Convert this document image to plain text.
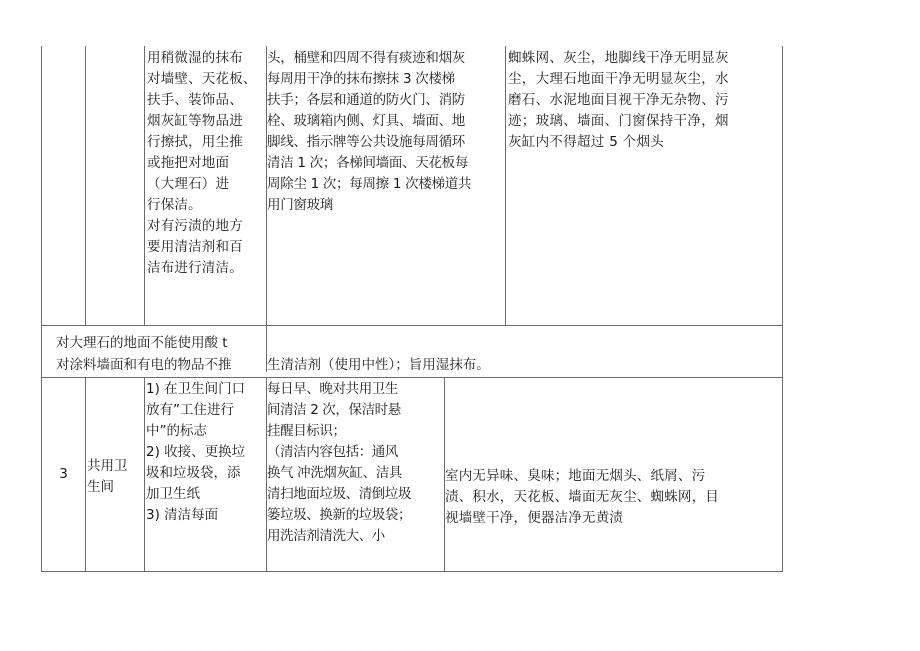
用稍微湿的抹布
对墙壁、天花板、
扶手、装饰品、
烟灰缸等物品进
行擦拭，用尘推
或拖把对地面
（大理石）进
行保洁。
对有污渍的地方
要用清洁剂和百
洁布进行清洁。
头，桶壁和四周不得有痰迹和烟灰
每周用干净的抹布擦抹 3 次楼梯
扶手；各层和通道的防火门、消防
栓、玻璃箱内侧、灯具、墙面、地
脚线、指示牌等公共设施每周循环
清洁 1 次；各梯间墙面、天花板每
周除尘 1 次；每周擦 1 次楼梯道共
用门窗玻璃
蜘蛛网、灰尘，地脚线干净无明显灰
尘，大理石地面干净无明显灰尘，水
磨石、水泥地面目视干净无杂物、污
迹；玻璃、墙面、门窗保持干净，烟
灰缸内不得超过 5 个烟头
对大理石的地面不能使用酸 t
对涂料墙面和有电的物品不推	生清洁剂（使用中性）；旨用湿抹布。
3	共用卫
生间
1) 在卫生间门口
放有”工住进行
中”的标志
2) 收接、更换垃
圾和垃圾袋，添
加卫生纸
3) 清洁每面
每日早、晚对共用卫生
间清洁 2 次，保洁时悬
挂醒目标识；
（清洁内容包括：通风
换气 冲洗烟灰缸、洁具
清扫地面垃圾、清倒垃圾
篓垃圾、换新的垃圾袋；
用洗洁剂清洗大、小
室内无异味、臭味；地面无烟头、纸屑、污
渍、积水，天花板、墙面无灰尘、蜘蛛网，目
视墙壁干净，便器洁净无黄渍
